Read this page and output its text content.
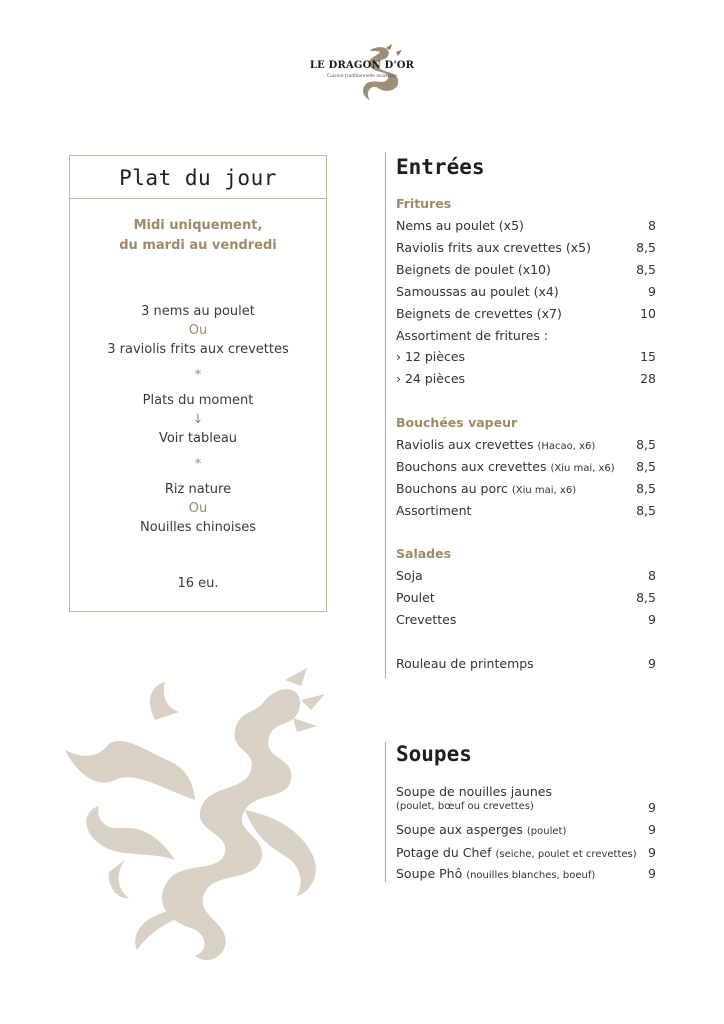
LE DRAGON D'OR
Cuisine traditionnelle asiatique
Plat du jour
Midi uniquement,
du mardi au vendredi
3 nems au poulet
Ou
3 raviolis frits aux crevettes
*
Plats du moment
↓
Voir tableau
*
Riz nature
Ou
Nouilles chinoises
16 eu.
Entrées
Fritures
Nems au poulet (x5)	8
Raviolis frits aux crevettes (x5)	8,5
Beignets de poulet (x10)	8,5
Samoussas au poulet (x4)	9
Beignets de crevettes (x7)	10
Assortiment de fritures :
› 12 pièces	15
› 24 pièces	28
Bouchées vapeur
Raviolis aux crevettes (Hacao, x6)	8,5
Bouchons aux crevettes (Xiu mai, x6) 8,5
Bouchons au porc (Xiu mai, x6)	8,5
Assortiment	8,5
Salades
Soja	8
Poulet	8,5
Crevettes	9
Rouleau de printemps	9
Soupes
Soupe de nouilles jaunes
(poulet, bœuf ou crevettes)	9
Soupe aux asperges (poulet)	9
Potage du Chef (seiche, poulet et crevettes) 9
Soupe Phô (nouilles blanches, boeuf)	9
